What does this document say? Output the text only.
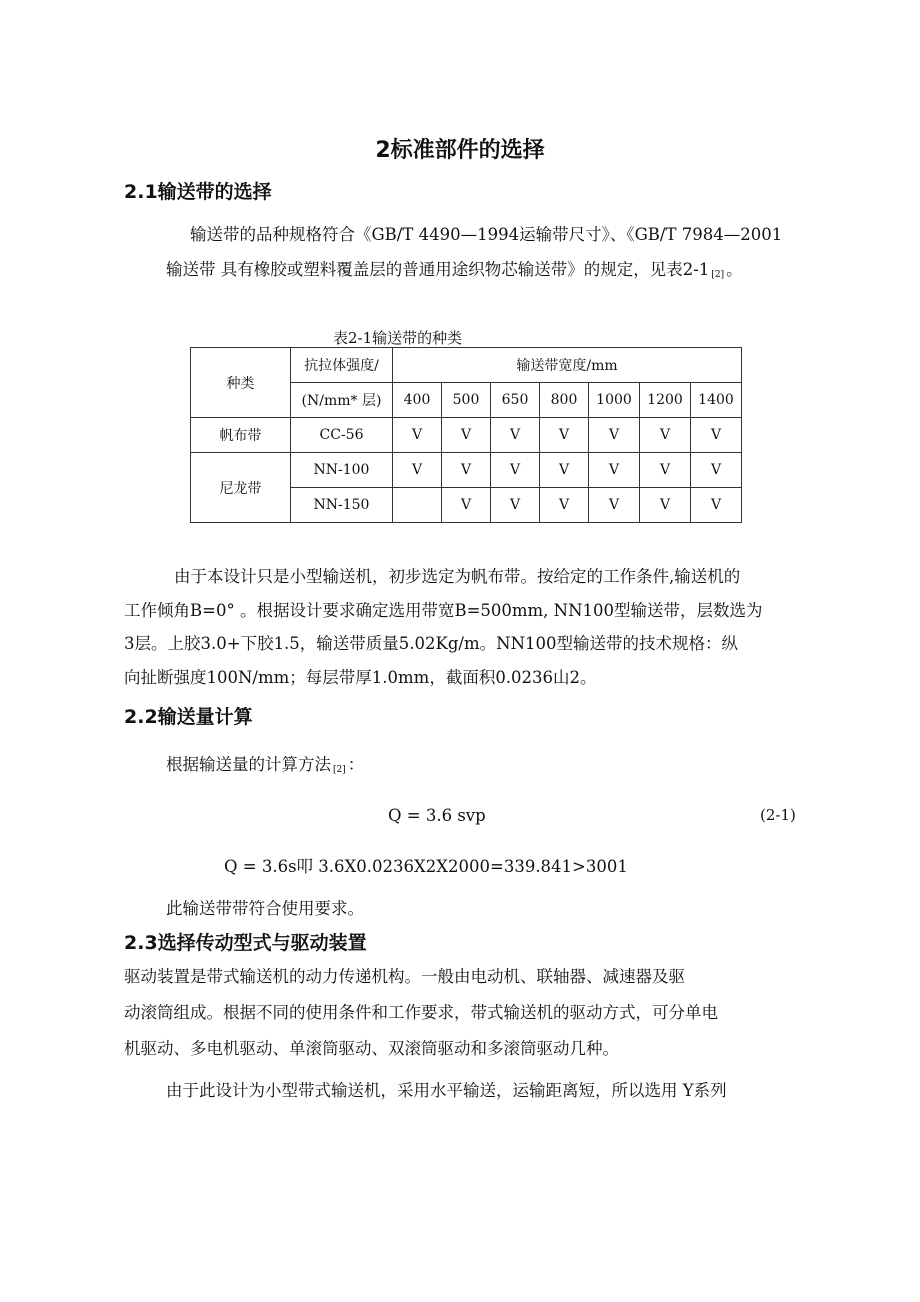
2标准部件的选择
2.1输送带的选择
输送带的品种规格符合《GB/T 4490—1994运输带尺寸》、《GB/T 7984—2001
输送带 具有橡胶或塑料覆盖层的普通用途织物芯输送带》的规定，见表2-1 [2] 。
表2-1输送带的种类
种类	抗拉体强度/	输送带宽度/mm						
	(N/mm* 层)	400	500	650	800	1000	1200	1400
帆布带	CC-56	V	V	V	V	V	V	V
尼龙带	NN-100	V	V	V	V	V	V	V
	NN-150		V	V	V	V	V	V
由于本设计只是小型输送机，初步选定为帆布带。按给定的工作条件,输送机的
工作倾角B=0° 。根据设计要求确定选用带宽B=500mm, NN100型输送带，层数选为
3层。上胶3.0+下胶1.5，输送带质量5.02Kg/m。NN100型输送带的技术规格：纵
向扯断强度100N/mm；每层带厚1.0mm，截面积0.0236山2。
2.2输送量计算
根据输送量的计算方法 [2] ：
Q = 3.6 svp	(2-1)
Q = 3.6s叩 3.6X0.0236X2X2000=339.841>3001
此输送带带符合使用要求。
2.3选择传动型式与驱动装置
驱动装置是带式输送机的动力传递机构。一般由电动机、联轴器、减速器及驱
动滚筒组成。根据不同的使用条件和工作要求，带式输送机的驱动方式，可分单电
机驱动、多电机驱动、单滚筒驱动、双滚筒驱动和多滚筒驱动几种。
由于此设计为小型带式输送机，采用水平输送，运输距离短，所以选用 Y系列
